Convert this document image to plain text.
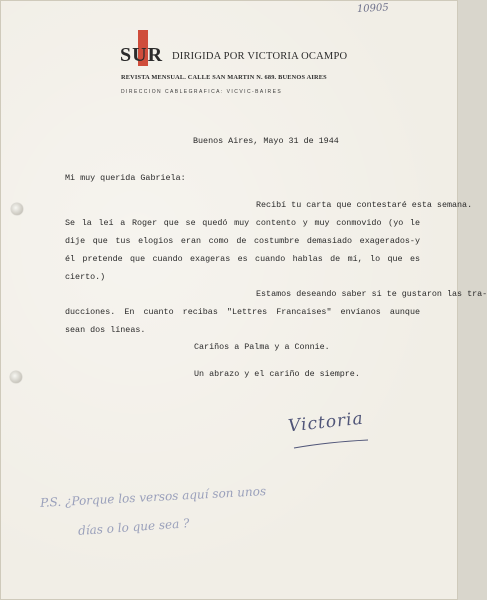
10905
SUR DIRIGIDA POR VICTORIA OCAMPO
REVISTA MENSUAL. CALLE SAN MARTIN N. 689. BUENOS AIRES
DIRECCION CABLEGRAFICA: VICVIC-BAIRES
Buenos Aires, Mayo 31 de 1944
Mi muy querida Gabriela:
Recibí tu carta que contestaré esta semana.
Se la leí a Roger que se quedó muy contento y muy conmovido (yo le
dije que tus elogios eran como de costumbre demasiado exagerados-y
él pretende que cuando exageras es cuando hablas de mí, lo que es
cierto.)
Estamos deseando saber si te gustaron las tra-
ducciones. En cuanto recibas "Lettres Francaises" envíanos aunque
sean dos líneas.
Cariños a Palma y a Connie.
Un abrazo y el cariño de siempre.
Victoria
P.S. ¿Porque los versos aquí son unos
días o lo que sea ?
